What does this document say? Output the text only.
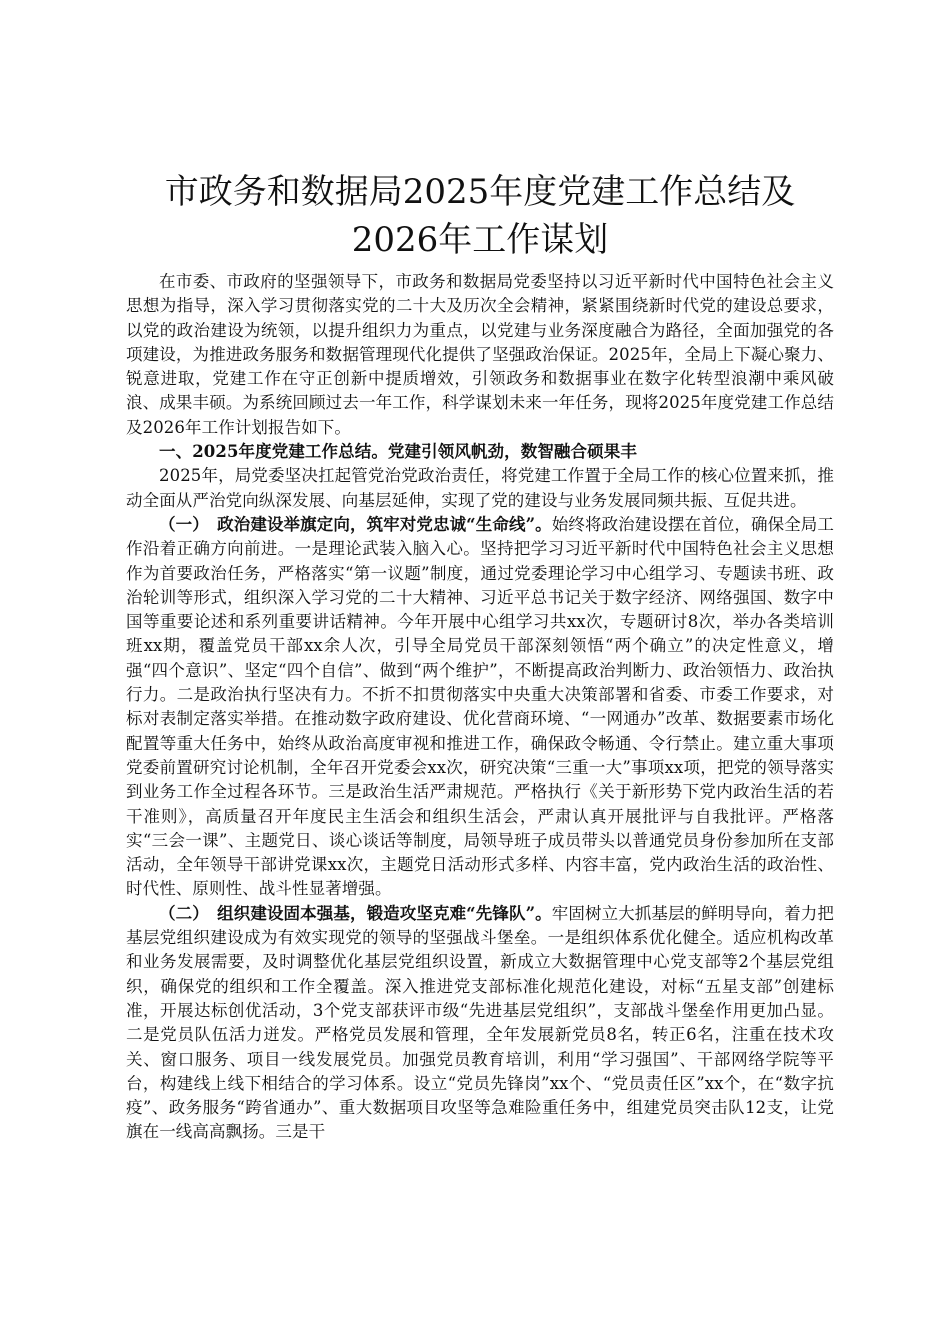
市政务和数据局2025年度党建工作总结及
2026年工作谋划

在市委、市政府的坚强领导下，市政务和数据局党委坚持以习近平新时代中国特色社会主义思想为指导，深入学习贯彻落实党的二十大及历次全会精神，紧紧围绕新时代党的建设总要求，以党的政治建设为统领，以提升组织力为重点，以党建与业务深度融合为路径，全面加强党的各项建设，为推进政务服务和数据管理现代化提供了坚强政治保证。2025年，全局上下凝心聚力、锐意进取，党建工作在守正创新中提质增效，引领政务和数据事业在数字化转型浪潮中乘风破浪、成果丰硕。为系统回顾过去一年工作，科学谋划未来一年任务，现将2025年度党建工作总结及2026年工作计划报告如下。

一、2025年度党建工作总结。党建引领风帆劲，数智融合硕果丰

2025年，局党委坚决扛起管党治党政治责任，将党建工作置于全局工作的核心位置来抓，推动全面从严治党向纵深发展、向基层延伸，实现了党的建设与业务发展同频共振、互促共进。

（一）　政治建设举旗定向，筑牢对党忠诚“生命线”。始终将政治建设摆在首位，确保全局工作沿着正确方向前进。一是理论武装入脑入心。坚持把学习习近平新时代中国特色社会主义思想作为首要政治任务，严格落实“第一议题”制度，通过党委理论学习中心组学习、专题读书班、政治轮训等形式，组织深入学习党的二十大精神、习近平总书记关于数字经济、网络强国、数字中国等重要论述和系列重要讲话精神。今年开展中心组学习共xx次，专题研讨8次，举办各类培训班xx期，覆盖党员干部xx余人次，引导全局党员干部深刻领悟“两个确立”的决定性意义，增强“四个意识”、坚定“四个自信”、做到“两个维护”，不断提高政治判断力、政治领悟力、政治执行力。二是政治执行坚决有力。不折不扣贯彻落实中央重大决策部署和省委、市委工作要求，对标对表制定落实举措。在推动数字政府建设、优化营商环境、“一网通办”改革、数据要素市场化配置等重大任务中，始终从政治高度审视和推进工作，确保政令畅通、令行禁止。建立重大事项党委前置研究讨论机制，全年召开党委会xx次，研究决策“三重一大”事项xx项，把党的领导落实到业务工作全过程各环节。三是政治生活严肃规范。严格执行《关于新形势下党内政治生活的若干准则》，高质量召开年度民主生活会和组织生活会，严肃认真开展批评与自我批评。严格落实“三会一课”、主题党日、谈心谈话等制度，局领导班子成员带头以普通党员身份参加所在支部活动，全年领导干部讲党课xx次，主题党日活动形式多样、内容丰富，党内政治生活的政治性、时代性、原则性、战斗性显著增强。

（二）　组织建设固本强基，锻造攻坚克难“先锋队”。牢固树立大抓基层的鲜明导向，着力把基层党组织建设成为有效实现党的领导的坚强战斗堡垒。一是组织体系优化健全。适应机构改革和业务发展需要，及时调整优化基层党组织设置，新成立大数据管理中心党支部等2个基层党组织，确保党的组织和工作全覆盖。深入推进党支部标准化规范化建设，对标“五星支部”创建标准，开展达标创优活动，3个党支部获评市级“先进基层党组织”，支部战斗堡垒作用更加凸显。二是党员队伍活力迸发。严格党员发展和管理，全年发展新党员8名，转正6名，注重在技术攻关、窗口服务、项目一线发展党员。加强党员教育培训，利用“学习强国”、干部网络学院等平台，构建线上线下相结合的学习体系。设立“党员先锋岗”xx个、“党员责任区”xx个，在“数字抗疫”、政务服务“跨省通办”、重大数据项目攻坚等急难险重任务中，组建党员突击队12支，让党旗在一线高高飘扬。三是干
